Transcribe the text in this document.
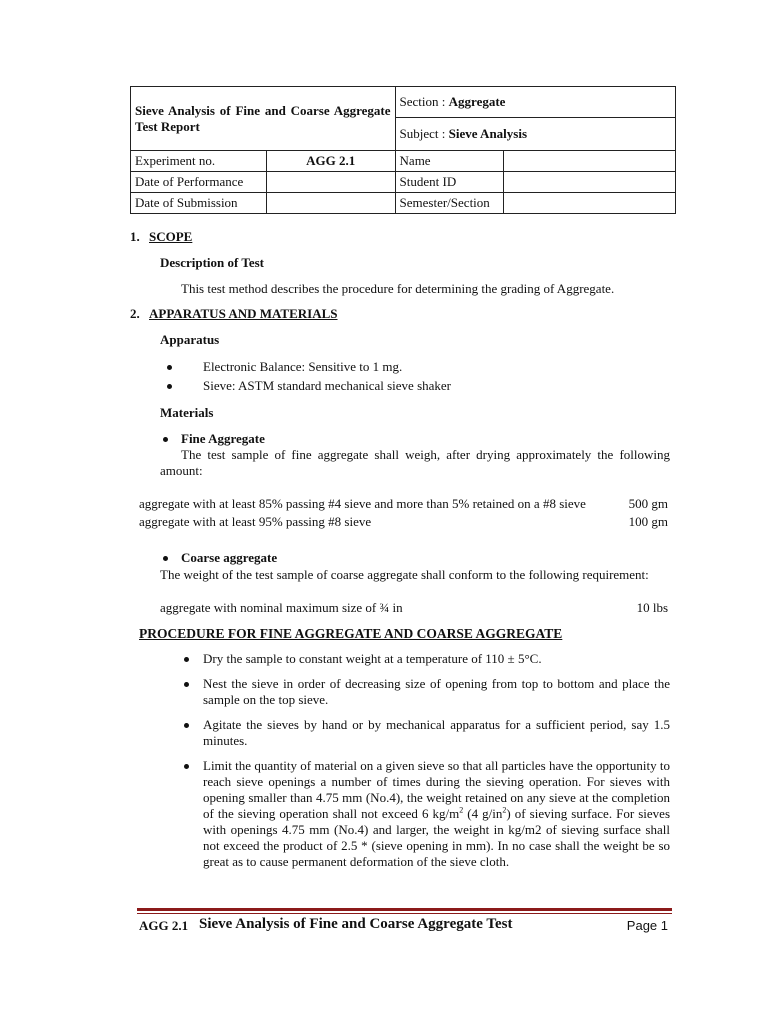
Sieve Analysis of Fine and Coarse Aggregate Test Report		Section : Aggregate	
		Subject : Sieve Analysis	
Experiment no.	AGG 2.1	Name	
Date of Performance		Student ID	
Date of Submission		Semester/Section	
1. SCOPE
Description of Test
This test method describes the procedure for determining the grading of Aggregate.
2. APPARATUS AND MATERIALS
Apparatus
Electronic Balance: Sensitive to 1 mg.
Sieve: ASTM standard mechanical sieve shaker
Materials
Fine Aggregate
The test sample of fine aggregate shall weigh, after drying approximately the following amount:
aggregate with at least 85% passing #4 sieve and more than 5% retained on a #8 sieve	500 gm
aggregate with at least 95% passing #8 sieve	100 gm
Coarse aggregate
The weight of the test sample of coarse aggregate shall conform to the following requirement:
aggregate with nominal maximum size of ¾ in	10 lbs
PROCEDURE FOR FINE AGGREGATE AND COARSE AGGREGATE
Dry the sample to constant weight at a temperature of 110 ± 5°C.
Nest the sieve in order of decreasing size of opening from top to bottom and place the sample on the top sieve.
Agitate the sieves by hand or by mechanical apparatus for a sufficient period, say 1.5 minutes.
Limit the quantity of material on a given sieve so that all particles have the opportunity to reach sieve openings a number of times during the sieving operation. For sieves with opening smaller than 4.75 mm (No.4), the weight retained on any sieve at the completion of the sieving operation shall not exceed 6 $kg/m^2$ (4 $g/in^2$) of sieving surface. For sieves with openings 4.75 mm (No.4) and larger, the weight in kg/m2 of sieving surface shall not exceed the product of 2.5 * (sieve opening in mm). In no case shall the weight be so great as to cause permanent deformation of the sieve cloth.
AGG 2.1 Sieve Analysis of Fine and Coarse Aggregate Test	Page 1
